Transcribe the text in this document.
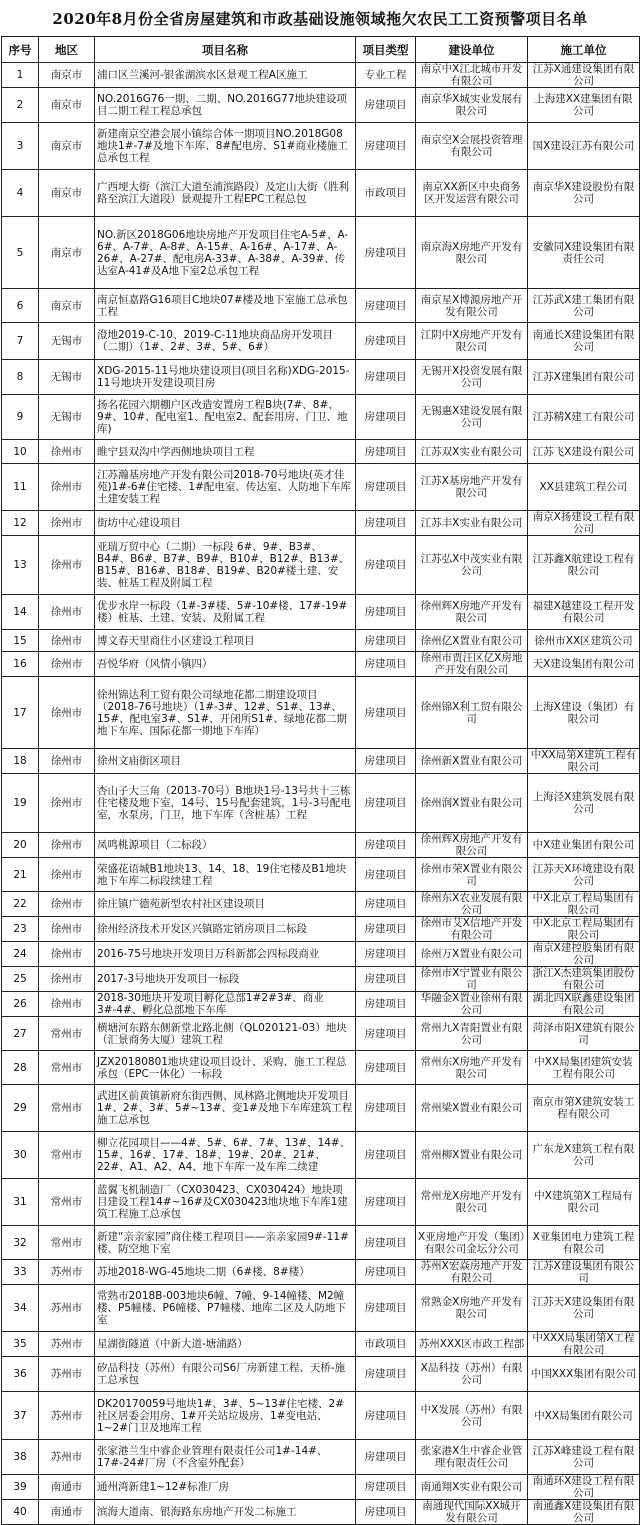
2020年8月份全省房屋建筑和市政基础设施领域拖欠农民工工资预警项目名单
序号	地区	项目名称	项目类型	建设单位	施工单位
1	南京市	浦口区兰溪河-银雀湖滨水区景观工程A区施工	专业工程	南京中X江北城市开发有限公司	江苏X通建设集团有限公司
2	南京市	NO.2016G76一期、二期、NO.2016G77地块建设项目二期工程工程总承包	房建项目	南京华X城实业发展有限公司	上海建XX建集团有限公司
3	南京市	新建南京空港会展小镇综合体一期项目NO.2018G08地块1#-7#及地下车库、8#配电房、S1#商业楼施工总承包工程	房建项目	南京空X会展投资管理有限公司	国X建设江苏有限公司
4	南京市	广西埂大街（滨江大道至浦滨路段）及定山大街（胜利路至滨江大道段）景观提升工程EPC工程总包	市政项目	南京XX新区中央商务区开发运营有限公司	南京华X建设股份有限公司
5	南京市	NO.新区2018G06地块房地产开发项目住宅A-5#、A-6#、A-7#、A-8#、A-15#、A-16#、A-17#、A-26#、A-27#、配电房A-33#、A-38#、A-39#、传达室A-41#及A地下室2总承包工程	房建项目	南京海X房地产开发有限公司	安徽同X建设集团有限责任公司
6	南京市	南京恒嘉路G16项目C地块07#楼及地下室施工总承包工程	房建项目	南京星X博源房地产开发有限公司	江苏武X建工集团有限公司
7	无锡市	澄地2019-C-10、2019-C-11地块商品房开发项目（二期）（1#、2#、3#、5#、6#）	房建项目	江阴中X房地产开发有限公司	南通长X建设集团有限公司
8	无锡市	XDG-2015-11号地块建设项目(项目名称)XDG-2015-11号地块开发建设项目房	房建项目	无锡开X投资发展有限公司	江苏X建集团有限公司
9	无锡市	扬名花园六期棚户区改造安置房工程B块(7#、8#、9#、10#、配电室1、配电室2、配套用房、门卫、地库)	房建项目	无锡惠X建设发展有限公司	江苏精X建工有限公司
10	徐州市	睢宁县双沟中学西侧地块项目工程	房建项目	江苏双X实业有限公司	江苏飞X建设有限公司
11	徐州市	江苏瀚基房地产开发有限公司2018-70号地块(英才佳苑)1#-6#住宅楼、1#配电室、传达室、人防地下车库土建安装工程	房建项目	江苏X基房地产开发有限公司	XX县建筑工程公司
12	徐州市	街坊中心建设项目	房建项目	江苏丰X实业有限公司	南京X扬建设工程有限公司
13	徐州市	亚瑞万贸中心（二期）一标段 6#、9#、B3#、B4#、B6#、B7#、B9#、B10#、B12#、B13#、B15#、B16#、B18#、B19#、B20#楼土建、安装、桩基工程及附属工程	房建项目	江苏弘X中茂实业有限公司	江苏鑫X航建设工程有限公司
14	徐州市	优步水岸一标段（1#-3#楼、5#-10#楼、17#-19#楼）桩基、土建、安装、及附属工程	房建项目	徐州辉X房地产开发有限公司	福建X越建设工程开发有限公司
15	徐州市	博文春天里商住小区建设工程项目	房建项目	徐州亿X置业有限公司	徐州市XX区建筑公司
16	徐州市	吾悦华府（风情小镇四）	房建项目	徐州市贾汪区亿X房地产开发有限公司	天X建设集团有限公司
17	徐州市	徐州锦达利工贸有限公司绿地花都二期建设项目（2018-76号地块）（1#-3#、12#、S1#、13#、15#、配电室3#、S1#、开闭所S1#、绿地花都二期地下车库、国际花都一期地下车库）	房建项目	徐州锦X利工贸有限公司	上海X建设（集团）有限公司
18	徐州市	徐州文庙街区项目	房建项目	徐州新X置业有限公司	中XX局第X建筑工程有限公司
19	徐州市	杏山子大三角（2013-70号）B地块1号-13号共十三栋住宅楼及地下室，14号、15号配套建筑，1号-3号配电室，水泵房，门卫，地下车库（含桩基）工程	房建项目	徐州润X置业有限公司	上海泾X建筑发展有限公司
20	徐州市	凤鸣桃源项目（二标段）	房建项目	徐州辉X房地产开发有限公司	中X建业集团有限公司
21	徐州市	荣盛花语城B1地块13、14、18、19住宅楼及B1地块地下车库二标段续建工程	房建项目	徐州市荣X置业有限公司	江苏天X环境建设有限公司
22	徐州市	徐庄镇广德苑新型农村社区建设项目	房建项目	徐州东X农业发展有限公司	中X北京工程局集团有限公司
23	徐州市	徐州经济技术开发区兴镇路定销房项目二标段	房建项目	徐州市艾X信地产开发有限公司	中X北京工程局集团有限公司
24	徐州市	2016-75号地块开发项目万科新都会四标段商业	房建项目	徐州万X置业有限公司	南京X建控股集团有限公司
25	徐州市	2017-3号地块开发项目一标段	房建项目	徐州市X宁置业有限公司	浙江X杰建筑集团股份有限公司
26	徐州市	2018-30地块开发项目孵化总部1#2#3#、商业3#-4#、孵化总部地下车库	房建项目	华融金X置业徐州有限公司	湖北四X联鑫建设集团有限公司
27	常州市	横塘河东路东侧新堂北路北侧（QL020121-03）地块（汇景商务大厦）建筑工程	房建项目	常州九X青阳置业有限公司	菏泽市阳X建筑有限公司
28	常州市	JZX20180801地块建设项目设计、采购、施工工程总承包（EPC一体化）一标段	房建项目	常州东X房地产开发有限公司	中XX局集团建筑安装工程有限公司
29	常州市	武进区前黄镇新府东街西侧、凤林路北侧地块开发项目1#、2#、3#、5#~13#、变1#及地下车库建筑工程施工总承包	房建项目	常州梁X置业有限公司	南京市第X建筑安装工程有限公司
30	常州市	柳立花园项目——4#、5#、6#、7#、13#、14#、15#、16#、17#、18#、19#、20#、21#、22#、A1、A2、A4、地下车库一及车库二续建	房建项目	常州柳X置业有限公司	广东龙X建筑工程有限公司
31	常州市	蓝翼飞机制造厂（CX030423、CX030424）地块项目建设工程14#~16#及CX030423地块地下车库1建筑工程施工总承包	房建项目	常州龙X房地产开发有限公司	中X建筑第X工程局有限公司
32	常州市	新建“亲亲家园”商住楼工程项目——亲亲家园9#-11#楼、防空地下室	房建项目	X亚房地产开发（集团）有限公司金坛分公司	X亚集团电力建筑工程有限公司
33	苏州市	苏地2018-WG-45地块二期（6#楼、8#楼）	房建项目	苏州X宏焱房地产开发有限公司	江苏X建设集团有限公司
34	苏州市	常熟市2018B-003地块6幢、7幢、9-14幢楼、M2幢楼、P5幢楼、P6幢楼、P7幢楼、地库二区及人防地下室	房建项目	常熟金X房地产开发有限公司	江苏天X建设集团有限公司
35	苏州市	星湖街隧道（中新大道-塘浦路）	市政项目	苏州XXX区市政工程部	中XXX局集团第X工程有限公司
36	苏州市	矽品科技（苏州）有限公司S6厂房新建工程、天桥-施工总承包	房建项目	X品科技（苏州）有限公司	中国XXX集团有限公司
37	苏州市	DK20170059号地块1#、3#、5~13#住宅楼、2#社区居委会用房、1#开关站垃圾房、1#变电站、1~2#门卫及地库工程	房建项目	中X发展（苏州）有限公司	中XX局集团有限公司
38	苏州市	张家港兰生中睿企业管理有限责任公司1#-14#、17#-24#厂房（不含室外配套）	房建项目	张家港X生中睿企业管理有限责任公司	江苏X峰建设工程有限公司
39	南通市	通州湾新建1~12#标准厂房	房建项目	南通翔X实业有限公司	南通环X建设工程有限公司
40	南通市	滨海大道南、银海路东房地产开发二标施工	房建项目	南通现代国际XX城开发有限公司	南通鑫X建设集团有限公司
